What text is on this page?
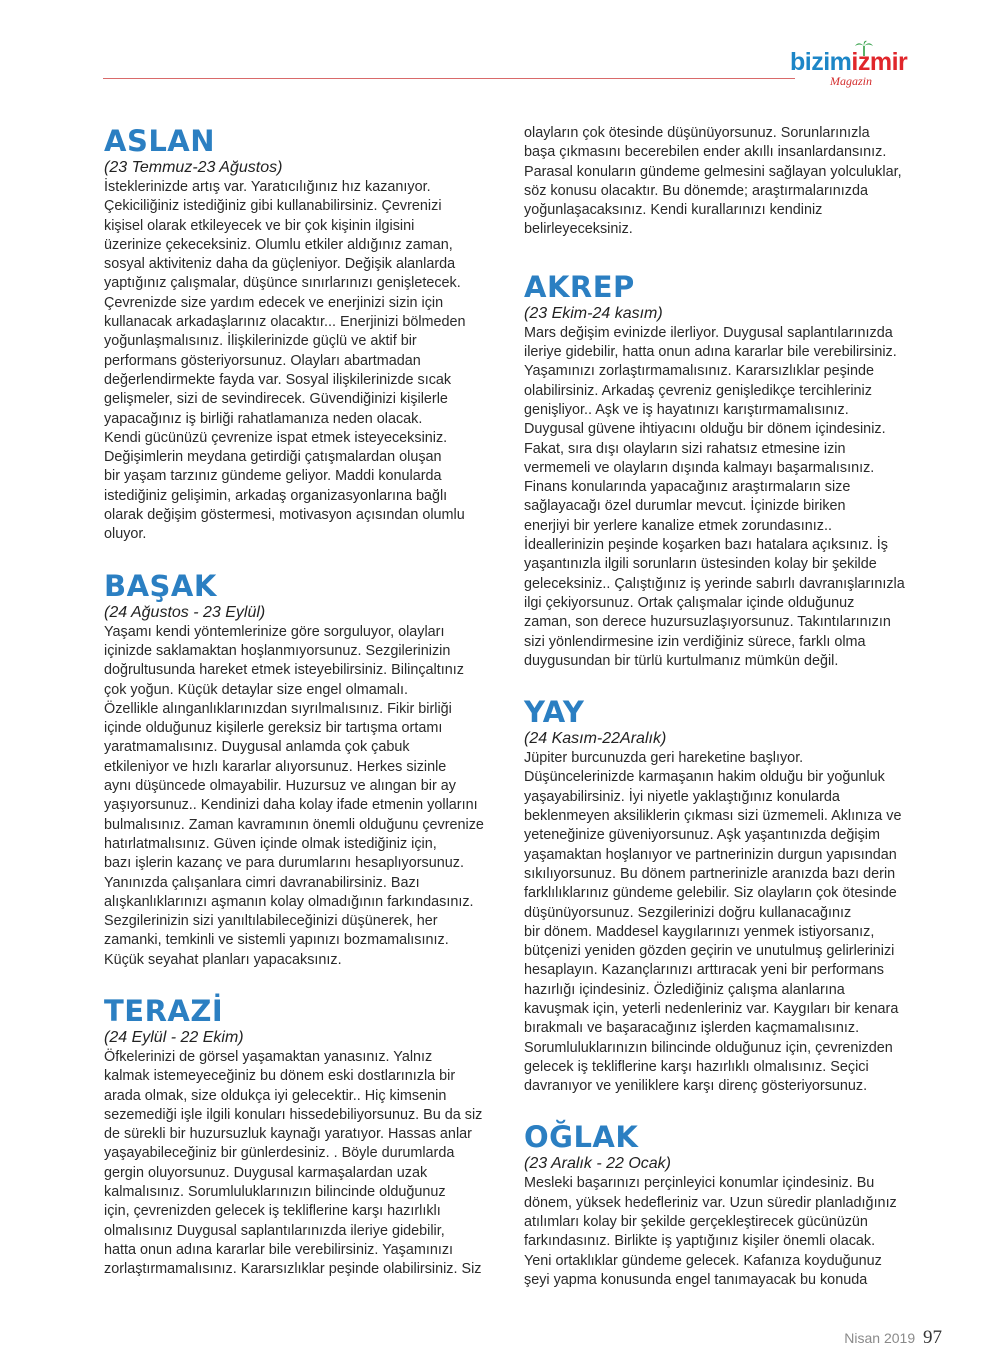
bizimizmir
Magazin
ASLAN

(23 Temmuz-23 Ağustos)

İsteklerinizde artış var. Yaratıcılığınız hız kazanıyor.
Çekiciliğiniz istediğiniz gibi kullanabilirsiniz. Çevrenizi
kişisel olarak etkileyecek ve bir çok kişinin ilgisini
üzerinize çekeceksiniz. Olumlu etkiler aldığınız zaman,
sosyal aktiviteniz daha da güçleniyor. Değişik alanlarda
yaptığınız çalışmalar, düşünce sınırlarınızı genişletecek.
Çevrenizde size yardım edecek ve enerjinizi sizin için
kullanacak arkadaşlarınız olacaktır... Enerjinizi bölmeden
yoğunlaşmalısınız. İlişkilerinizde güçlü ve aktif bir
performans gösteriyorsunuz. Olayları abartmadan
değerlendirmekte fayda var. Sosyal ilişkilerinizde sıcak
gelişmeler, sizi de sevindirecek. Güvendiğinizi kişilerle
yapacağınız iş birliği rahatlamanıza neden olacak.
Kendi gücünüzü çevrenize ispat etmek isteyeceksiniz.
Değişimlerin meydana getirdiği çatışmalardan oluşan
bir yaşam tarzınız gündeme geliyor. Maddi konularda
istediğiniz gelişimin, arkadaş organizasyonlarına bağlı
olarak değişim göstermesi, motivasyon açısından olumlu
oluyor.

BAŞAK

(24 Ağustos - 23 Eylül)

Yaşamı kendi yöntemlerinize göre sorguluyor, olayları
içinizde saklamaktan hoşlanmıyorsunuz. Sezgilerinizin
doğrultusunda hareket etmek isteyebilirsiniz. Bilinçaltınız
çok yoğun. Küçük detaylar size engel olmamalı.
Özellikle alınganlıklarınızdan sıyrılmalısınız. Fikir birliği
içinde olduğunuz kişilerle gereksiz bir tartışma ortamı
yaratmamalısınız. Duygusal anlamda çok çabuk
etkileniyor ve hızlı kararlar alıyorsunuz. Herkes sizinle
aynı düşüncede olmayabilir. Huzursuz ve alıngan bir ay
yaşıyorsunuz.. Kendinizi daha kolay ifade etmenin yollarını
bulmalısınız. Zaman kavramının önemli olduğunu çevrenize
hatırlatmalısınız. Güven içinde olmak istediğiniz için,
bazı işlerin kazanç ve para durumlarını hesaplıyorsunuz.
Yanınızda çalışanlara cimri davranabilirsiniz. Bazı
alışkanlıklarınızı aşmanın kolay olmadığının farkındasınız.
Sezgilerinizin sizi yanıltılabileceğinizi düşünerek, her
zamanki, temkinli ve sistemli yapınızı bozmamalısınız.
Küçük seyahat planları yapacaksınız.

TERAZİ

(24 Eylül - 22 Ekim)

Öfkelerinizi de görsel yaşamaktan yanasınız. Yalnız
kalmak istemeyeceğiniz bu dönem eski dostlarınızla bir
arada olmak, size oldukça iyi gelecektir.. Hiç kimsenin
sezemediği işle ilgili konuları hissedebiliyorsunuz. Bu da siz
de sürekli bir huzursuzluk kaynağı yaratıyor. Hassas anlar
yaşayabileceğiniz bir günlerdesiniz. . Böyle durumlarda
gergin oluyorsunuz. Duygusal karmaşalardan uzak
kalmalısınız. Sorumluluklarınızın bilincinde olduğunuz
için, çevrenizden gelecek iş tekliflerine karşı hazırlıklı
olmalısınız Duygusal saplantılarınızda ileriye gidebilir,
hatta onun adına kararlar bile verebilirsiniz. Yaşamınızı
zorlaştırmamalısınız. Kararsızlıklar peşinde olabilirsiniz. Siz

olayların çok ötesinde düşünüyorsunuz. Sorunlarınızla
başa çıkmasını becerebilen ender akıllı insanlardansınız.
Parasal konuların gündeme gelmesini sağlayan yolculuklar,
söz konusu olacaktır. Bu dönemde; araştırmalarınızda
yoğunlaşacaksınız. Kendi kurallarınızı kendiniz
belirleyeceksiniz.

AKREP

(23 Ekim-24 kasım)

Mars değişim evinizde ilerliyor. Duygusal saplantılarınızda
ileriye gidebilir, hatta onun adına kararlar bile verebilirsiniz.
Yaşamınızı zorlaştırmamalısınız. Kararsızlıklar peşinde
olabilirsiniz. Arkadaş çevreniz genişledikçe tercihleriniz
genişliyor.. Aşk ve iş hayatınızı karıştırmamalısınız.
Duygusal güvene ihtiyacını olduğu bir dönem içindesiniz.
Fakat, sıra dışı olayların sizi rahatsız etmesine izin
vermemeli ve olayların dışında kalmayı başarmalısınız.
Finans konularında yapacağınız araştırmaların size
sağlayacağı özel durumlar mevcut. İçinizde biriken
enerjiyi bir yerlere kanalize etmek zorundasınız..
İdeallerinizin peşinde koşarken bazı hatalara açıksınız. İş
yaşantınızla ilgili sorunların üstesinden kolay bir şekilde
geleceksiniz.. Çalıştığınız iş yerinde sabırlı davranışlarınızla
ilgi çekiyorsunuz. Ortak çalışmalar içinde olduğunuz
zaman, son derece huzursuzlaşıyorsunuz. Takıntılarınızın
sizi yönlendirmesine izin verdiğiniz sürece, farklı olma
duygusundan bir türlü kurtulmanız mümkün değil.

YAY

(24 Kasım-22Aralık)

Jüpiter burcunuzda geri hareketine başlıyor.
Düşüncelerinizde karmaşanın hakim olduğu bir yoğunluk
yaşayabilirsiniz. İyi niyetle yaklaştığınız konularda
beklenmeyen aksiliklerin çıkması sizi üzmemeli. Aklınıza ve
yeteneğinize güveniyorsunuz. Aşk yaşantınızda değişim
yaşamaktan hoşlanıyor ve partnerinizin durgun yapısından
sıkılıyorsunuz. Bu dönem partnerinizle aranızda bazı derin
farklılıklarınız gündeme gelebilir. Siz olayların çok ötesinde
düşünüyorsunuz. Sezgilerinizi doğru kullanacağınız
bir dönem. Maddesel kaygılarınızı yenmek istiyorsanız,
bütçenizi yeniden gözden geçirin ve unutulmuş gelirlerinizi
hesaplayın. Kazançlarınızı arttıracak yeni bir performans
hazırlığı içindesiniz. Özlediğiniz çalışma alanlarına
kavuşmak için, yeterli nedenleriniz var. Kaygıları bir kenara
bırakmalı ve başaracağınız işlerden kaçmamalısınız.
Sorumluluklarınızın bilincinde olduğunuz için, çevrenizden
gelecek iş tekliflerine karşı hazırlıklı olmalısınız. Seçici
davranıyor ve yeniliklere karşı direnç gösteriyorsunuz.

OĞLAK

(23 Aralık - 22 Ocak)

Mesleki başarınızı perçinleyici konumlar içindesiniz. Bu
dönem, yüksek hedefleriniz var. Uzun süredir planladığınız
atılımları kolay bir şekilde gerçekleştirecek gücünüzün
farkındasınız. Birlikte iş yaptığınız kişiler önemli olacak.
Yeni ortaklıklar gündeme gelecek. Kafanıza koyduğunuz
şeyi yapma konusunda engel tanımayacak bu konuda

Nisan 2019 97
